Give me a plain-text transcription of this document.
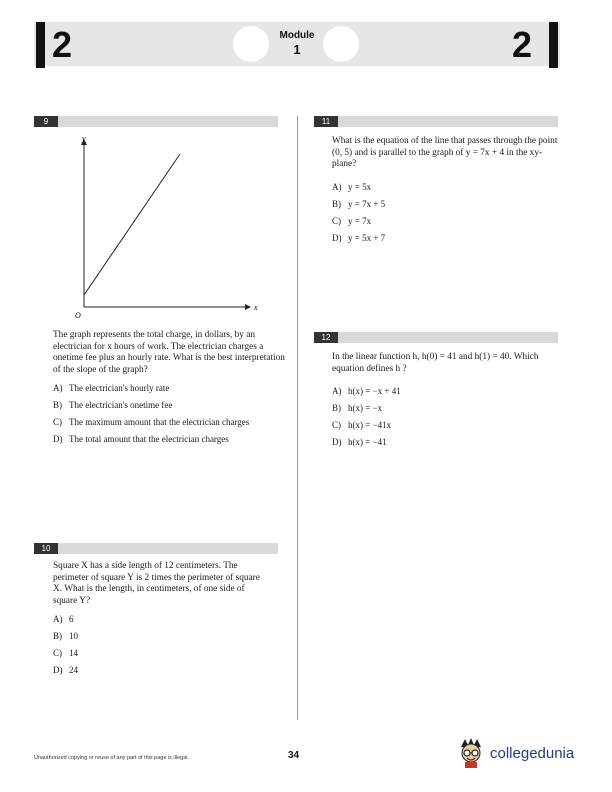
2	Module
1	2
9
y
x
O
The graph represents the total charge, in dollars, by an electrician for x hours of work. The electrician charges a onetime fee plus an hourly rate. What is the best interpretation of the slope of the graph?
A) The electrician's hourly rate
B) The electrician's onetime fee
C) The maximum amount that the electrician charges
D) The total amount that the electrician charges
10
Square X has a side length of 12 centimeters. The perimeter of square Y is 2 times the perimeter of square X. What is the length, in centimeters, of one side of square Y?
A) 6
B) 10
C) 14
D) 24
11
What is the equation of the line that passes through the point (0, 5) and is parallel to the graph of y = 7x + 4 in the xy-plane?
A) y = 5x
B) y = 7x + 5
C) y = 7x
D) y = 5x + 7
12
In the linear function h, h(0) = 41 and h(1) = 40. Which equation defines h ?
A) h(x) = −x + 41
B) h(x) = −x
C) h(x) = −41x
D) h(x) = −41
Unauthorized copying or reuse of any part of this page is illegal.	34	collegedunia
